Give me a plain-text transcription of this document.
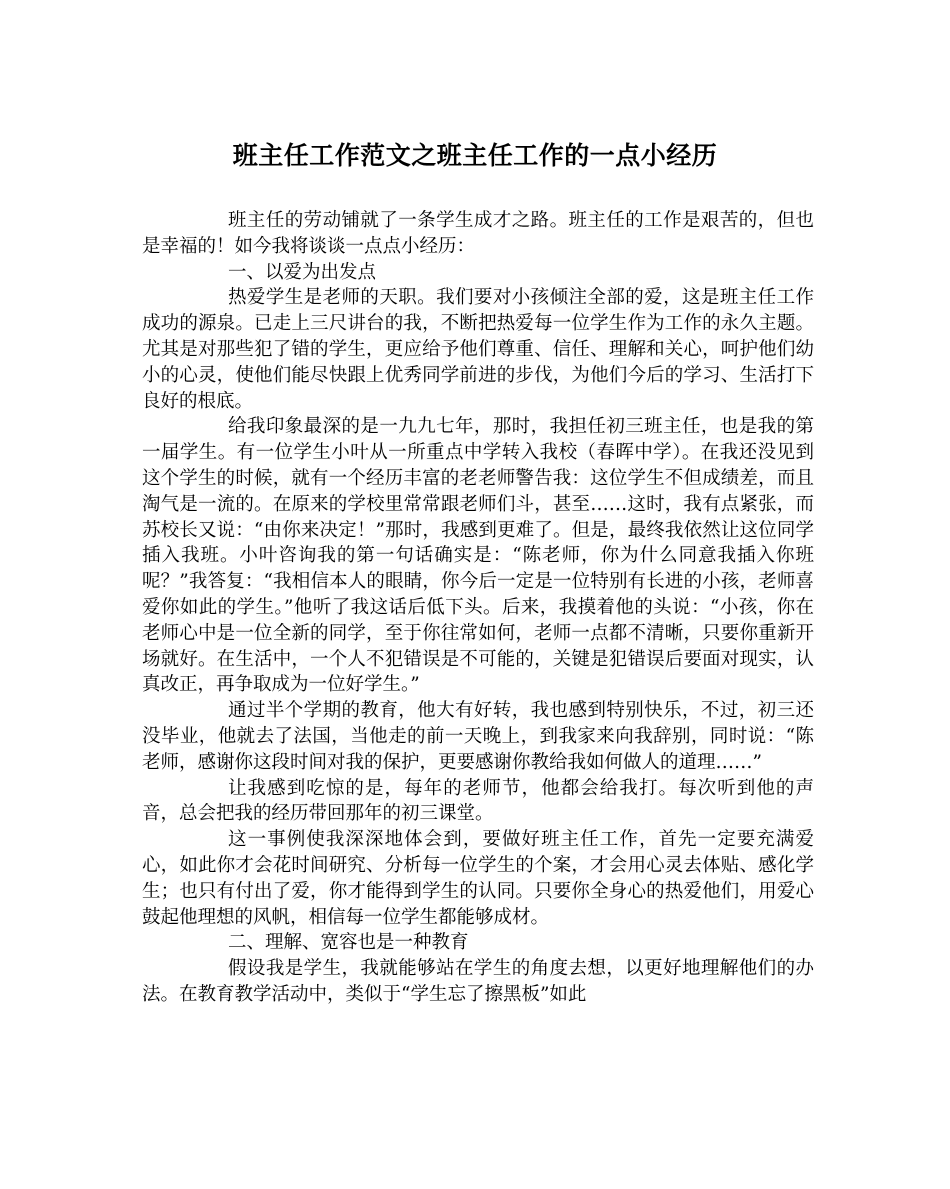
班主任工作范文之班主任工作的一点小经历

班主任的劳动铺就了一条学生成才之路。班主任的工作是艰苦的，但也是幸福的！如今我将谈谈一点点小经历：

一、以爱为出发点

热爱学生是老师的天职。我们要对小孩倾注全部的爱，这是班主任工作成功的源泉。已走上三尺讲台的我，不断把热爱每一位学生作为工作的永久主题。尤其是对那些犯了错的学生，更应给予他们尊重、信任、理解和关心，呵护他们幼小的心灵，使他们能尽快跟上优秀同学前进的步伐，为他们今后的学习、生活打下良好的根底。

给我印象最深的是一九九七年，那时，我担任初三班主任，也是我的第一届学生。有一位学生小叶从一所重点中学转入我校（春晖中学）。在我还没见到这个学生的时候，就有一个经历丰富的老老师警告我：这位学生不但成绩差，而且淘气是一流的。在原来的学校里常常跟老师们斗，甚至……这时，我有点紧张，而苏校长又说：“由你来决定！”那时，我感到更难了。但是，最终我依然让这位同学插入我班。小叶咨询我的第一句话确实是：“陈老师，你为什么同意我插入你班呢？”我答复：“我相信本人的眼睛，你今后一定是一位特别有长进的小孩，老师喜爱你如此的学生。”他听了我这话后低下头。后来，我摸着他的头说：“小孩，你在老师心中是一位全新的同学，至于你往常如何，老师一点都不清晰，只要你重新开场就好。在生活中，一个人不犯错误是不可能的，关键是犯错误后要面对现实，认真改正，再争取成为一位好学生。”

通过半个学期的教育，他大有好转，我也感到特别快乐，不过，初三还没毕业，他就去了法国，当他走的前一天晚上，到我家来向我辞别，同时说：“陈老师，感谢你这段时间对我的保护，更要感谢你教给我如何做人的道理……”

让我感到吃惊的是，每年的老师节，他都会给我打。每次听到他的声音，总会把我的经历带回那年的初三课堂。

这一事例使我深深地体会到，要做好班主任工作，首先一定要充满爱心，如此你才会花时间研究、分析每一位学生的个案，才会用心灵去体贴、感化学生；也只有付出了爱，你才能得到学生的认同。只要你全身心的热爱他们，用爱心鼓起他理想的风帆，相信每一位学生都能够成材。

二、理解、宽容也是一种教育

假设我是学生，我就能够站在学生的角度去想，以更好地理解他们的办法。在教育教学活动中，类似于“学生忘了擦黑板”如此
